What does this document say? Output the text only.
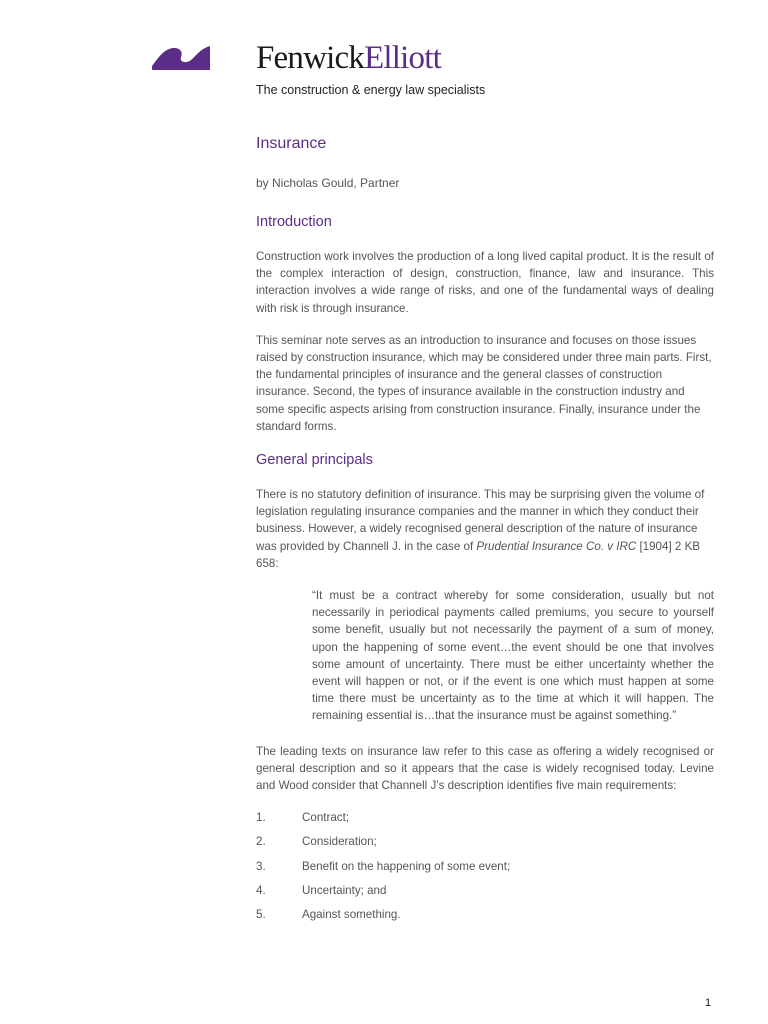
FenwickElliott
The construction & energy law specialists
Insurance
by Nicholas Gould, Partner
Introduction

Construction work involves the production of a long lived capital product. It is the result of the complex interaction of design, construction, finance, law and insurance. This interaction involves a wide range of risks, and one of the fundamental ways of dealing with risk is through insurance.

This seminar note serves as an introduction to insurance and focuses on those issues raised by construction insurance, which may be considered under three main parts. First, the fundamental principles of insurance and the general classes of construction insurance. Second, the types of insurance available in the construction industry and some specific aspects arising from construction insurance. Finally, insurance under the standard forms.

General principals

There is no statutory definition of insurance. This may be surprising given the volume of legislation regulating insurance companies and the manner in which they conduct their business. However, a widely recognised general description of the nature of insurance was provided by Channell J. in the case of Prudential Insurance Co. v IRC [1904] 2 KB 658:

“It must be a contract whereby for some consideration, usually but not necessarily in periodical payments called premiums, you secure to yourself some benefit, usually but not necessarily the payment of a sum of money, upon the happening of some event…the event should be one that involves some amount of uncertainty. There must be either uncertainty whether the event will happen or not, or if the event is one which must happen at some time there must be uncertainty as to the time at which it will happen. The remaining essential is…that the insurance must be against something.”

The leading texts on insurance law refer to this case as offering a widely recognised or general description and so it appears that the case is widely recognised today. Levine and Wood consider that Channell J’s description identifies five main requirements:

1.	Contract;
2.	Consideration;
3.	Benefit on the happening of some event;
4.	Uncertainty; and
5.	Against something.
1
